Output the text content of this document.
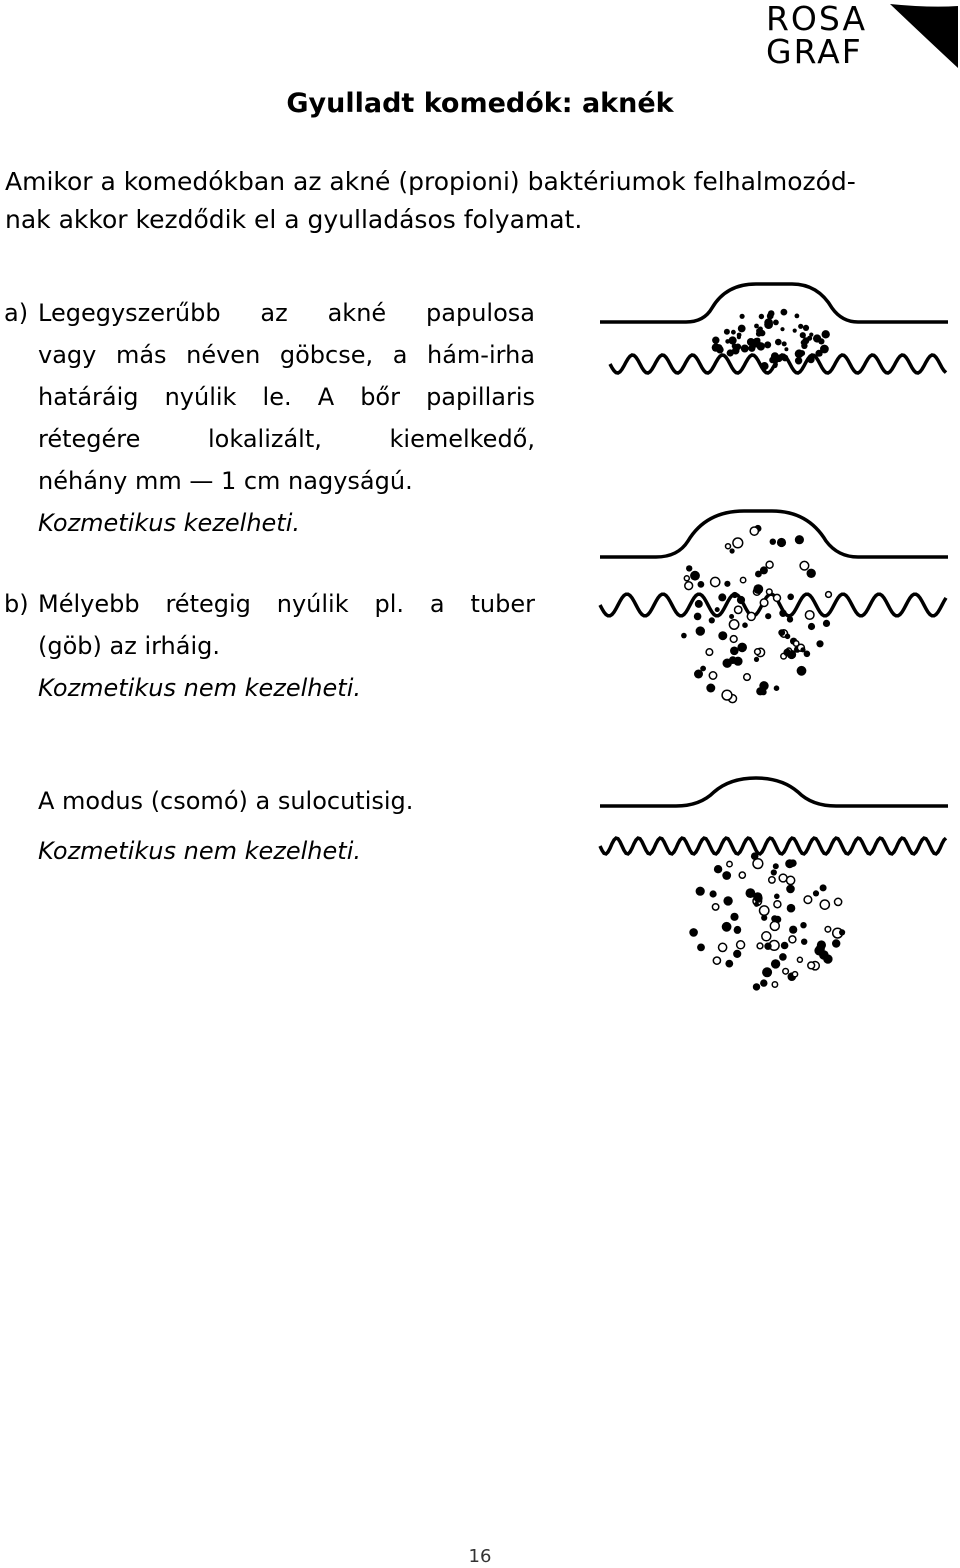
ROSA
GRAF
Gyulladt komedók: aknék
Amikor a komedókban az akné (propioni) baktériumok felhalmozód-
nak akkor kezdődik el a gyulladásos folyamat.
a) Legegyszerűbb az akné papulosa
vagy más néven göbcse, a hám-irha
határáig nyúlik le. A bőr papillaris
rétegére lokalizált, kiemelkedő,
néhány mm — 1 cm nagyságú.
Kozmetikus kezelheti.
b) Mélyebb rétegig nyúlik pl. a tuber
(göb) az irháig.
Kozmetikus nem kezelheti.
A modus (csomó) a sulocutisig.
Kozmetikus nem kezelheti.
16
